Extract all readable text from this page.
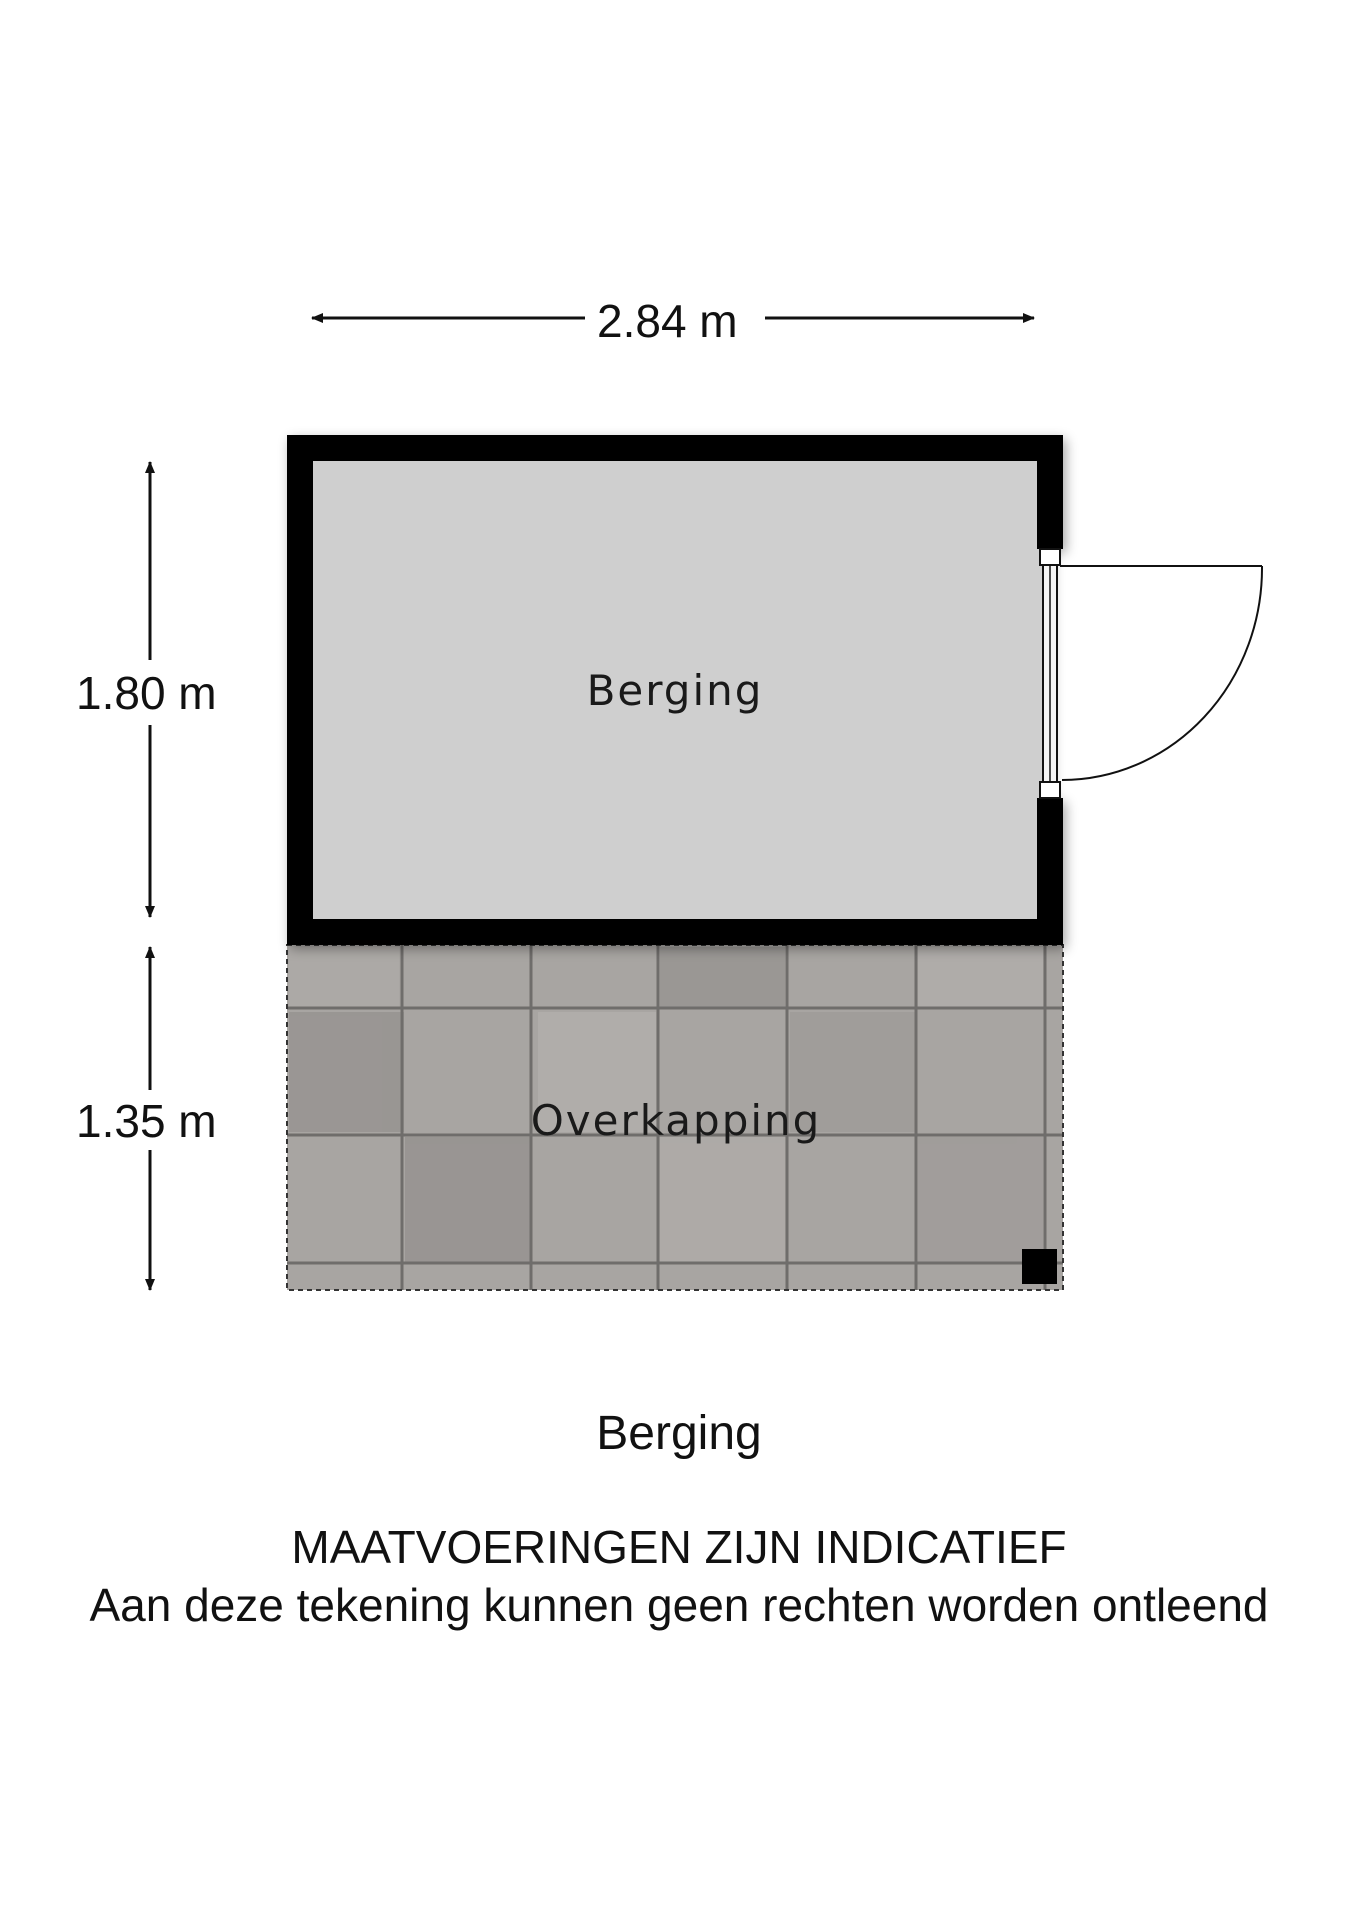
2.84 m
1.80 m
1.35 m
Berging
Overkapping
Berging
MAATVOERINGEN ZIJN INDICATIEF
Aan deze tekening kunnen geen rechten worden ontleend
